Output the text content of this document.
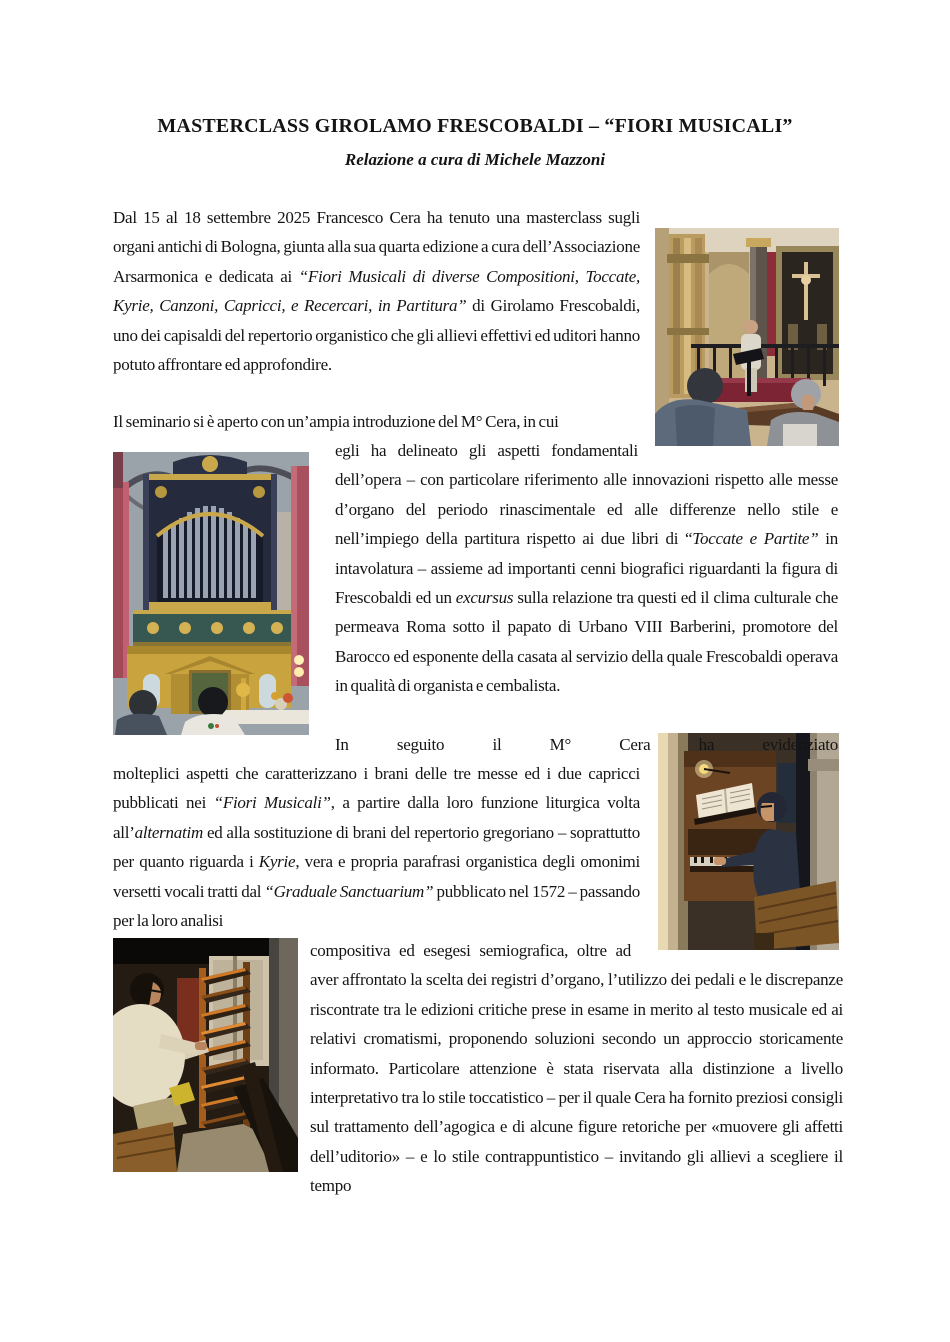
MASTERCLASS GIROLAMO FRESCOBALDI – “FIORI MUSICALI”
Relazione a cura di Michele Mazzoni
Dal 15 al 18 settembre 2025 Francesco Cera ha tenuto una masterclass sugli organi antichi di Bologna, giunta alla sua quarta edizione a cura dell’Associazione Arsarmonica e dedicata ai “Fiori Musicali di diverse Compositioni, Toccate, Kyrie, Canzoni, Capricci, e Recercari, in Partitura” di Girolamo Frescobaldi, uno dei capisaldi del repertorio organistico che gli allievi effettivi ed uditori hanno potuto affrontare ed approfondire.
Il seminario si è aperto con un’ampia introduzione del M° Cera, in cui
egli ha delineato gli aspetti fondamentali dell’opera – con particolare riferimento alle innovazioni rispetto alle messe d’organo del periodo rinascimentale ed alle differenze nello stile e nell’impiego della partitura rispetto ai due libri di “Toccate e Partite” in intavolatura – assieme ad importanti cenni biografici riguardanti la figura di Frescobaldi ed un excursus sulla relazione tra questi ed il clima culturale che permeava Roma sotto il papato di Urbano VIII Barberini, promotore del Barocco ed esponente della casata al servizio della quale Frescobaldi operava in qualità di organista e cembalista.
In seguito il M° Cera ha evidenziato
molteplici aspetti che caratterizzano i brani delle tre messe ed i due capricci pubblicati nei “Fiori Musicali”, a partire dalla loro funzione liturgica volta all’alternatim ed alla sostituzione di brani del repertorio gregoriano – soprattutto per quanto riguarda i Kyrie, vera e propria parafrasi organistica degli omonimi versetti vocali tratti dal “Graduale Sanctuarium” pubblicato nel 1572 – passando per la loro analisi
compositiva ed esegesi semiografica, oltre ad aver affrontato la scelta dei registri d’organo, l’utilizzo dei pedali e le discrepanze riscontrate tra le edizioni critiche prese in esame in merito al testo musicale ed ai relativi cromatismi, proponendo soluzioni secondo un approccio storicamente informato. Particolare attenzione è stata riservata alla distinzione a livello interpretativo tra lo stile toccatistico – per il quale Cera ha fornito preziosi consigli sul trattamento dell’agogica e di alcune figure retoriche per «muovere gli affetti dell’uditorio» – e lo stile contrappuntistico – invitando gli allievi a scegliere il tempo
